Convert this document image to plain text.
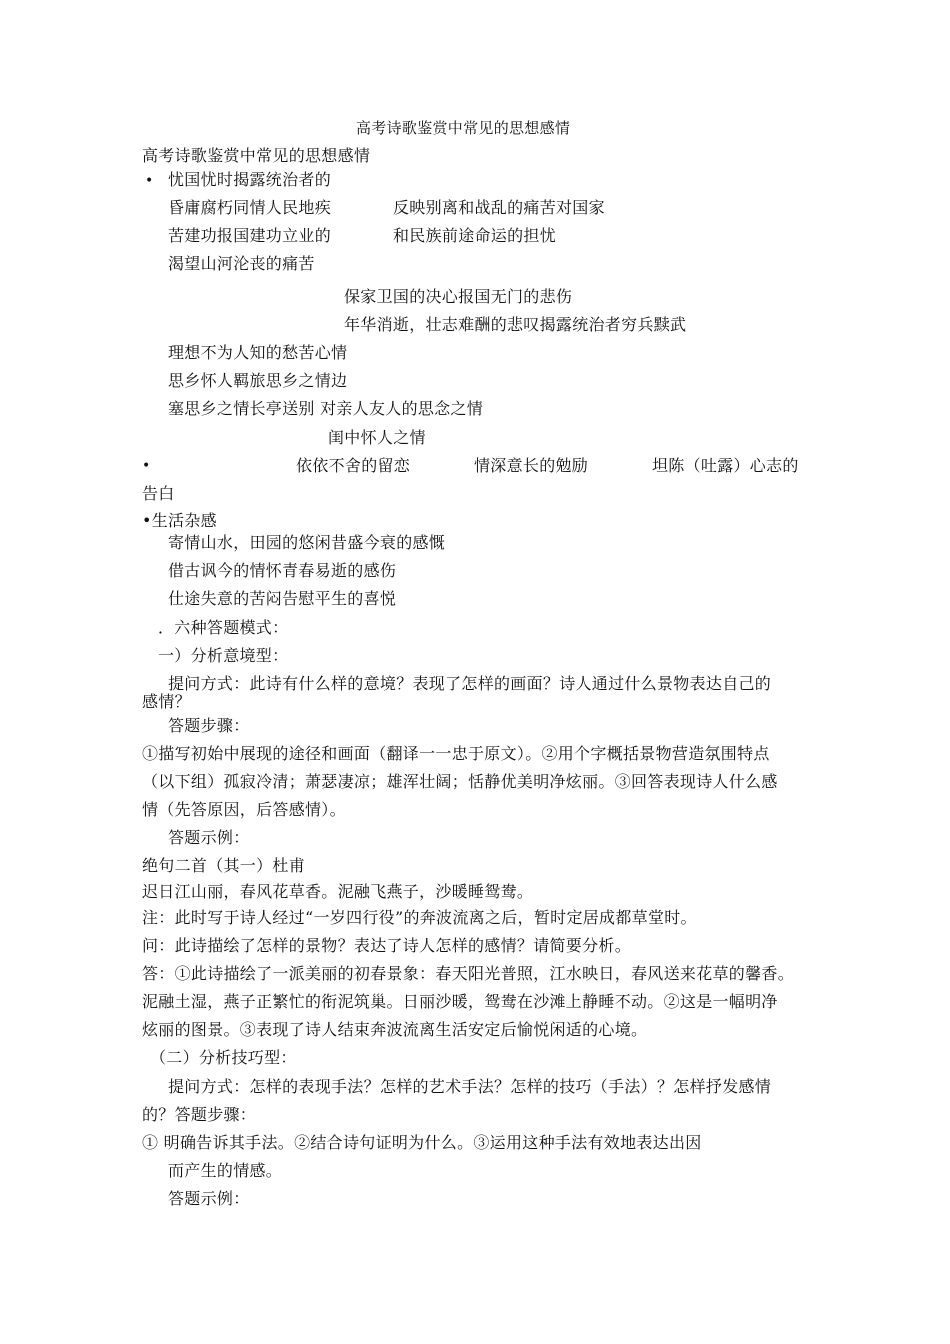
高考诗歌鉴赏中常见的思想感情
高考诗歌鉴赏中常见的思想感情
• 忧国忧时揭露统治者的
昏庸腐朽同情人民地疾	反映别离和战乱的痛苦对国家
苦建功报国建功立业的	和民族前途命运的担忧
渴望山河沦丧的痛苦
保家卫国的决心报国无门的悲伤
年华消逝，壮志难酬的悲叹揭露统治者穷兵黩武
理想不为人知的愁苦心情
思乡怀人羁旅思乡之情边
塞思乡之情长亭送别 对亲人友人的思念之情
闺中怀人之情
•	依依不舍的留恋	情深意长的勉励	坦陈（吐露）心志的
告白
•生活杂感
寄情山水，田园的悠闲昔盛今衰的感慨
借古讽今的情怀青春易逝的感伤
仕途失意的苦闷告慰平生的喜悦
．六种答题模式：
一）分析意境型：
提问方式：此诗有什么样的意境？表现了怎样的画面？诗人通过什么景物表达自己的
感情？
答题步骤：
①描写初始中展现的途径和画面（翻译一一忠于原文）。②用个字概括景物营造氛围特点
（以下组）孤寂冷清；萧瑟凄凉；雄浑壮阔；恬静优美明净炫丽。③回答表现诗人什么感
情（先答原因，后答感情）。
答题示例：
绝句二首（其一）杜甫
迟日江山丽，春风花草香。泥融飞燕子，沙暖睡鸳鸯。
注：此时写于诗人经过“一岁四行役”的奔波流离之后，暂时定居成都草堂时。
问：此诗描绘了怎样的景物？表达了诗人怎样的感情？请简要分析。
答：①此诗描绘了一派美丽的初春景象：春天阳光普照，江水映日，春风送来花草的馨香。
泥融土湿，燕子正繁忙的衔泥筑巢。日丽沙暖，鸳鸯在沙滩上静睡不动。②这是一幅明净
炫丽的图景。③表现了诗人结束奔波流离生活安定后愉悦闲适的心境。
（二）分析技巧型：
提问方式：怎样的表现手法？怎样的艺术手法？怎样的技巧（手法）？怎样抒发感情
的？答题步骤：
① 明确告诉其手法。②结合诗句证明为什么。③运用这种手法有效地表达出因
而产生的情感。
答题示例：
